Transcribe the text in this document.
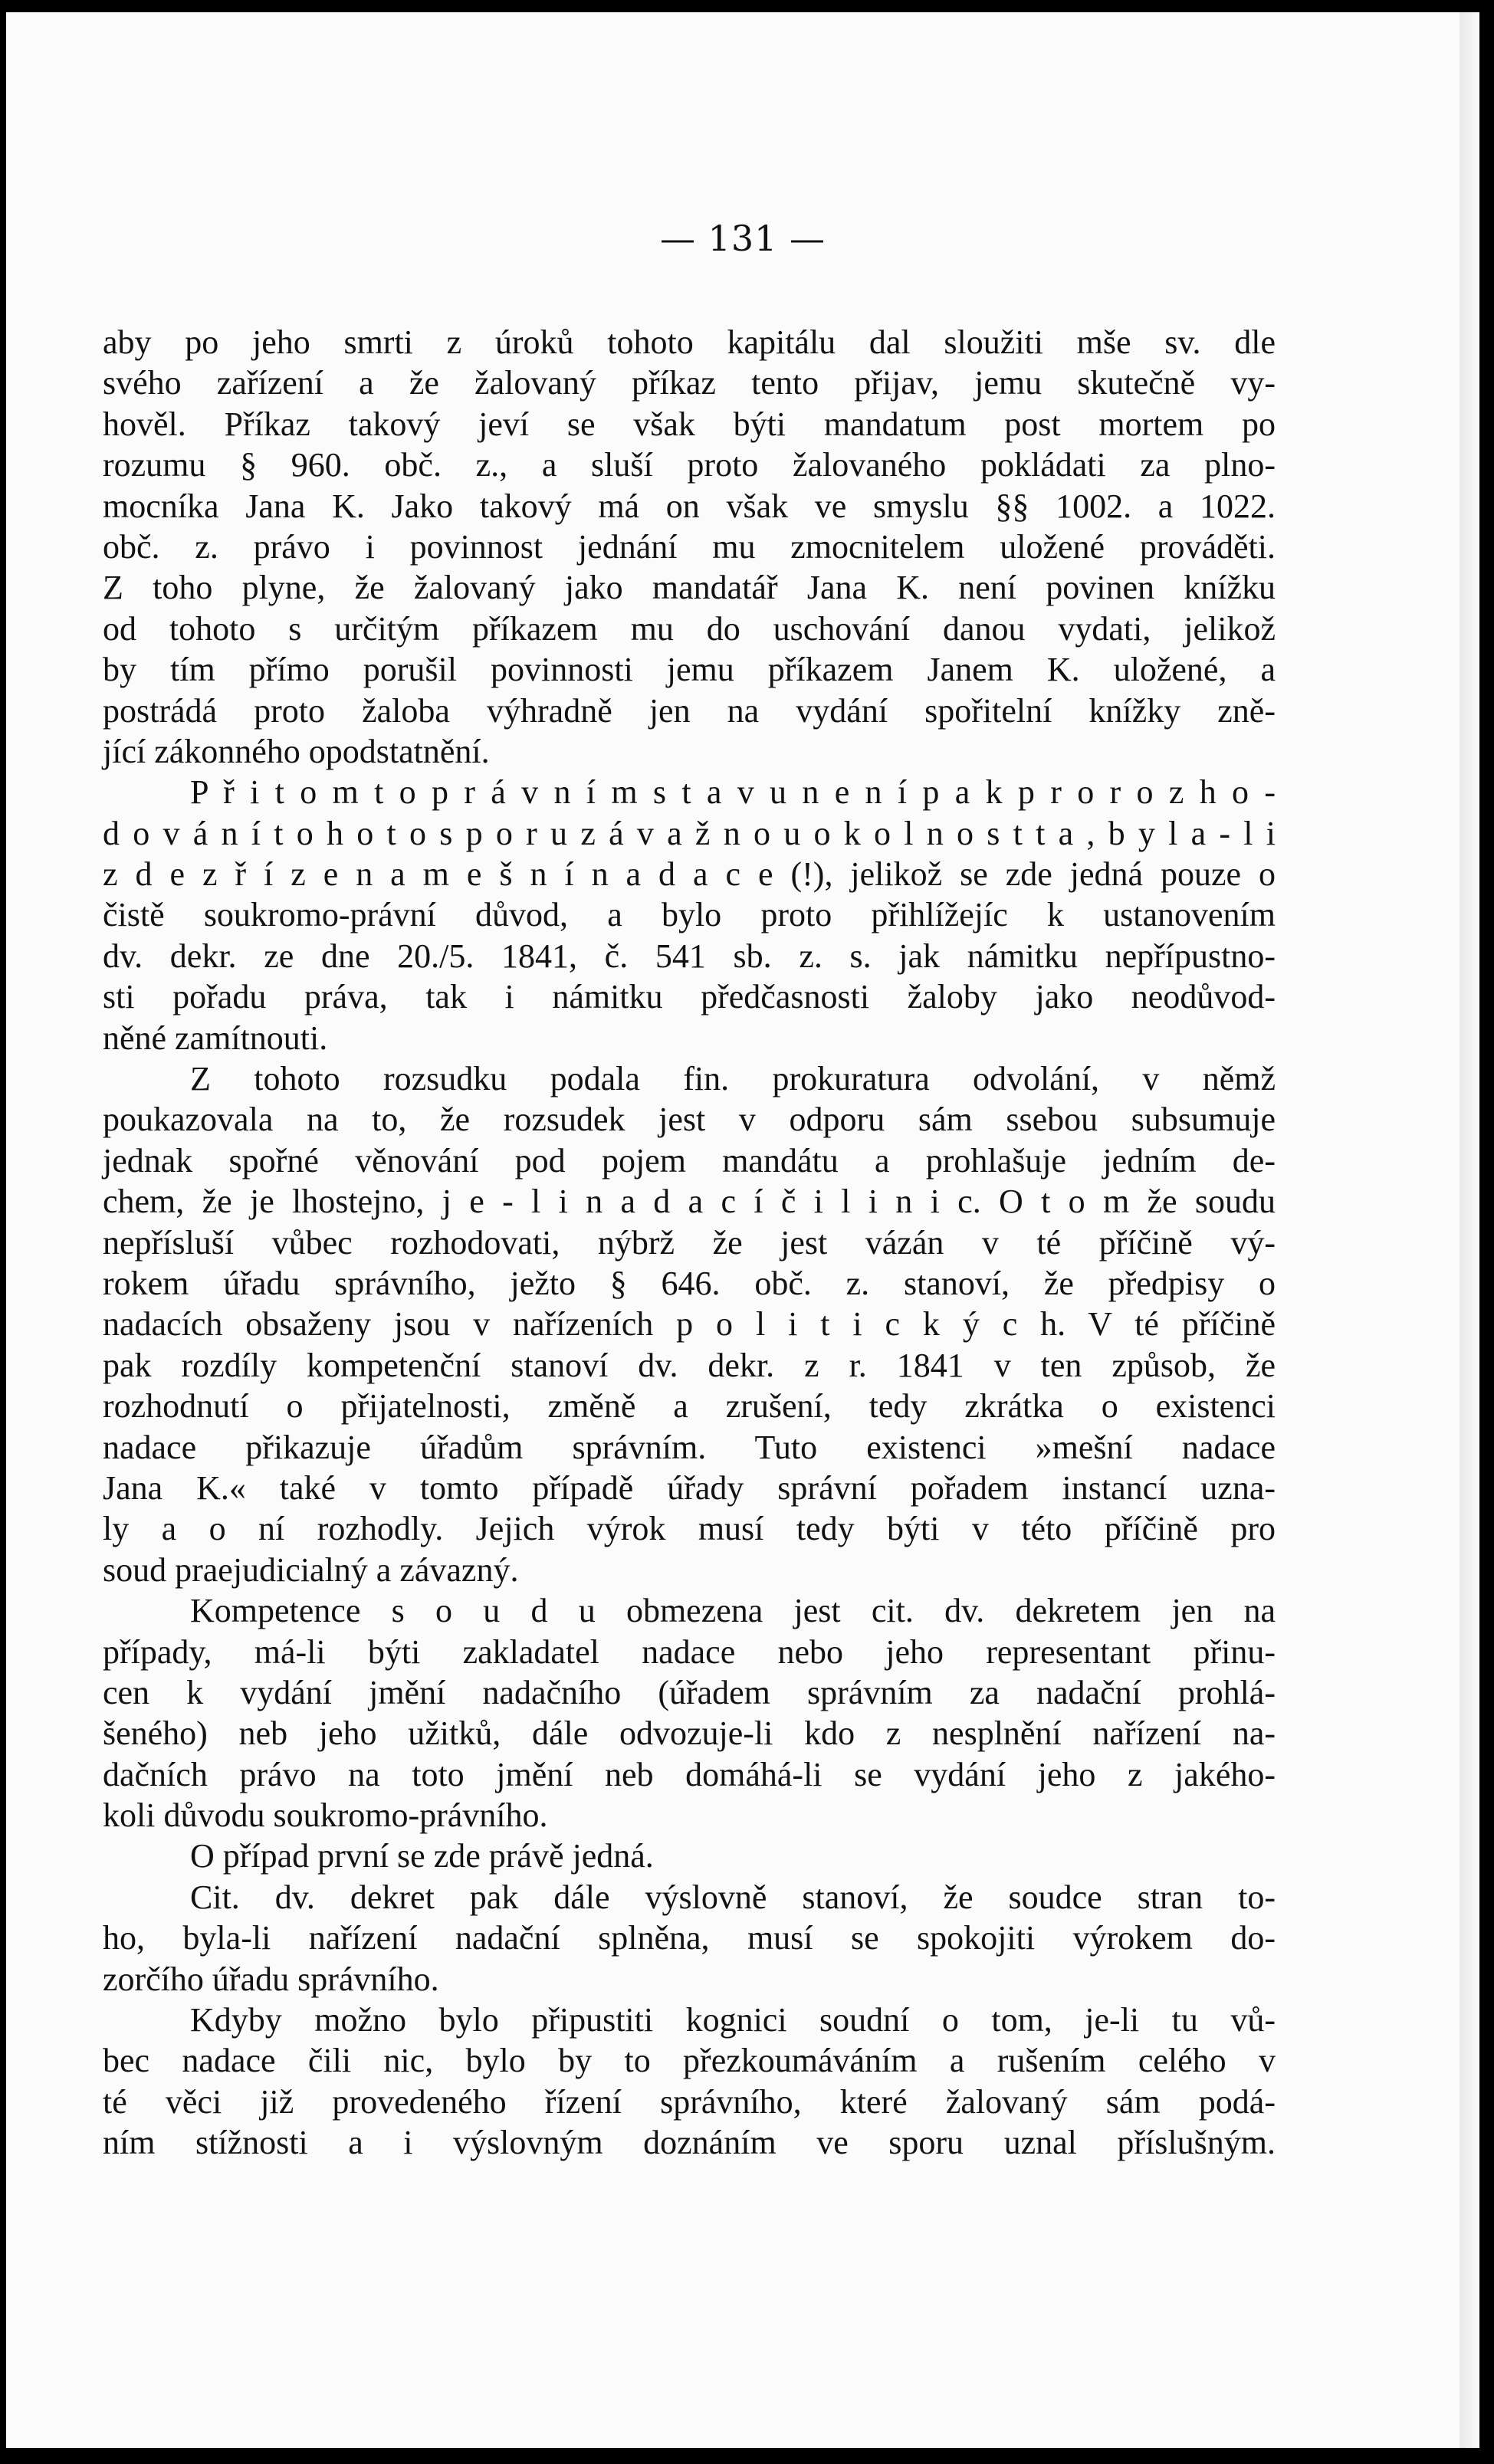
— 131 —
aby po jeho smrti z úroků tohoto kapitálu dal sloužiti mše sv. dle
svého zařízení a že žalovaný příkaz tento přijav, jemu skutečně vy-
hověl. Příkaz takový jeví se však býti mandatum post mortem po
rozumu § 960. obč. z., a sluší proto žalovaného pokládati za plno-
mocníka Jana K. Jako takový má on však ve smyslu §§ 1002. a 1022.
obč. z. právo i povinnost jednání mu zmocnitelem uložené prováděti.
Z toho plyne, že žalovaný jako mandatář Jana K. není povinen knížku
od tohoto s určitým příkazem mu do uschování danou vydati, jelikož
by tím přímo porušil povinnosti jemu příkazem Janem K. uložené, a
postrádá proto žaloba výhradně jen na vydání spořitelní knížky zně-
jící zákonného opodstatnění.
P ř i t o m t o p r á v n í m s t a v u n e n í p a k p r o r o z h o -
d o v á n í t o h o t o s p o r u z á v a ž n o u o k o l n o s t t a , b y l a - l i
z d e z ř í z e n a m e š n í n a d a c e (!), jelikož se zde jedná pouze o
čistě soukromo-právní důvod, a bylo proto přihlížejíc k ustanovením
dv. dekr. ze dne 20./5. 1841, č. 541 sb. z. s. jak námitku nepřípustno-
sti pořadu práva, tak i námitku předčasnosti žaloby jako neodůvod-
něné zamítnouti.
Z tohoto rozsudku podala fin. prokuratura odvolání, v němž
poukazovala na to, že rozsudek jest v odporu sám ssebou subsumuje
jednak spořné věnování pod pojem mandátu a prohlašuje jedním de-
chem, že je lhostejno, j e - l i n a d a c í č i l i n i c. O t o m že soudu
nepřísluší vůbec rozhodovati, nýbrž že jest vázán v té příčině vý-
rokem úřadu správního, ježto § 646. obč. z. stanoví, že předpisy o
nadacích obsaženy jsou v nařízeních p o l i t i c k ý c h. V té příčině
pak rozdíly kompetenční stanoví dv. dekr. z r. 1841 v ten způsob, že
rozhodnutí o přijatelnosti, změně a zrušení, tedy zkrátka o existenci
nadace přikazuje úřadům správním. Tuto existenci »mešní nadace
Jana K.« také v tomto případě úřady správní pořadem instancí uzna-
ly a o ní rozhodly. Jejich výrok musí tedy býti v této příčině pro
soud praejudicialný a závazný.
Kompetence s o u d u obmezena jest cit. dv. dekretem jen na
případy, má-li býti zakladatel nadace nebo jeho representant přinu-
cen k vydání jmění nadačního (úřadem správním za nadační prohlá-
šeného) neb jeho užitků, dále odvozuje-li kdo z nesplnění nařízení na-
dačních právo na toto jmění neb domáhá-li se vydání jeho z jakého-
koli důvodu soukromo-právního.
O případ první se zde právě jedná.
Cit. dv. dekret pak dále výslovně stanoví, že soudce stran to-
ho, byla-li nařízení nadační splněna, musí se spokojiti výrokem do-
zorčího úřadu správního.
Kdyby možno bylo připustiti kognici soudní o tom, je-li tu vů-
bec nadace čili nic, bylo by to přezkoumáváním a rušením celého v
té věci již provedeného řízení správního, které žalovaný sám podá-
ním stížnosti a i výslovným doznáním ve sporu uznal příslušným.
